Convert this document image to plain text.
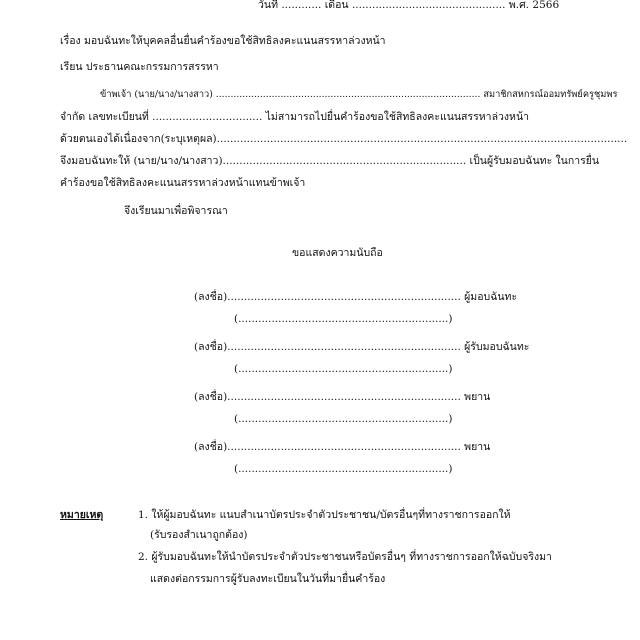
วันที่ ............ เดือน .............................................. พ.ศ. 2566
เรื่อง มอบฉันทะให้บุคคลอื่นยื่นคำร้องขอใช้สิทธิลงคะแนนสรรหาล่วงหน้า
เรียน ประธานคณะกรรมการสรรหา
ข้าพเจ้า (นาย/นาง/นางสาว) .......................................................................................... สมาชิกสหกรณ์ออมทรัพย์ครูชุมพร
จำกัด เลขทะเบียนที่ ................................. ไม่สามารถไปยื่นคำร้องขอใช้สิทธิลงคะแนนสรรหาล่วงหน้า
ด้วยตนเองได้เนื่องจาก(ระบุเหตุผล)...........................................................................................................................
จึงมอบฉันทะให้ (นาย/นาง/นางสาว)......................................................................... เป็นผู้รับมอบฉันทะ ในการยื่น
คำร้องขอใช้สิทธิลงคะแนนสรรหาล่วงหน้าแทนข้าพเจ้า
จึงเรียนมาเพื่อพิจารณา
ขอแสดงความนับถือ
(ลงชื่อ)...................................................................... ผู้มอบฉันทะ
(...............................................................)
(ลงชื่อ)...................................................................... ผู้รับมอบฉันทะ
(...............................................................)
(ลงชื่อ)...................................................................... พยาน
(...............................................................)
(ลงชื่อ)...................................................................... พยาน
(...............................................................)
หมายเหตุ	1. ให้ผู้มอบฉันทะ แนบสำเนาบัตรประจำตัวประชาชน/บัตรอื่นๆที่ทางราชการออกให้
(รับรองสำเนาถูกต้อง)
2. ผู้รับมอบฉันทะให้นำบัตรประจำตัวประชาชนหรือบัตรอื่นๆ ที่ทางราชการออกให้ฉบับจริงมา
แสดงต่อกรรมการผู้รับลงทะเบียนในวันที่มายื่นคำร้อง
